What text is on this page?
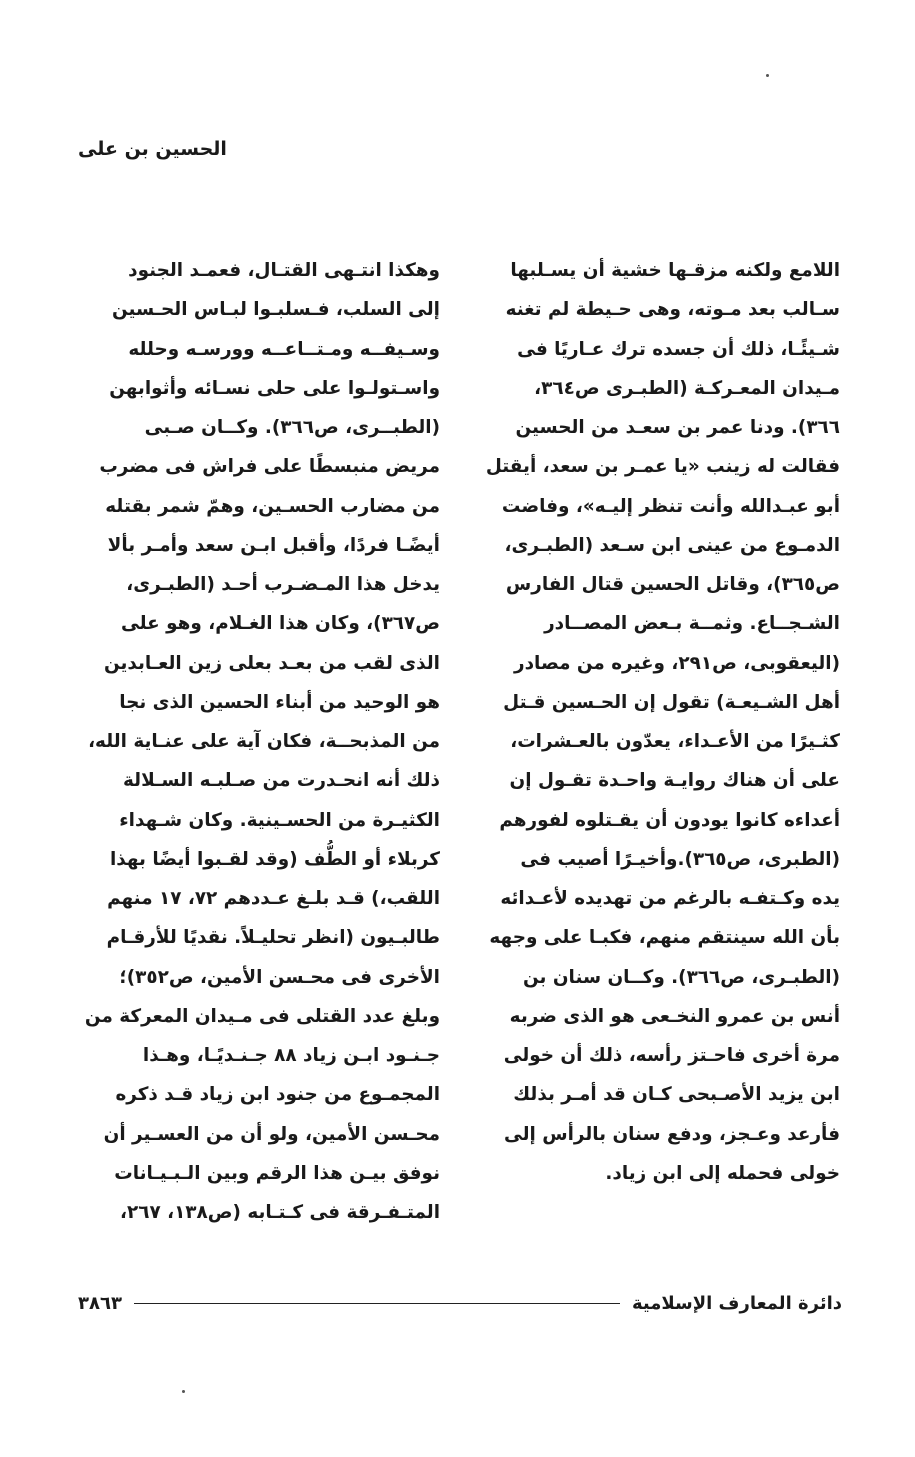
الحسين بن على
اللامع ولكنه مزقـها خشية أن يسـلبها
سـالب بعد مـوته، وهى حـيطة لم تغنه
شـيئًـا، ذلك أن جسده ترك عـاريًا فى
مـيدان المعـركـة (الطبـرى ص٣٦٤،
٣٦٦). ودنا عمر بن سعـد من الحسين
فقالت له زينب «يا عمـر بن سعد، أيقتل
أبو عبـدالله وأنت تنظر إليـه»، وفاضت
الدمـوع من عينى ابن سـعد (الطبـرى،
ص٣٦٥)، وقاتل الحسين قتال الفارس
الشـجــاع. وثمــة بـعض المصــادر
(اليعقوبى، ص٢٩١، وغيره من مصادر
أهل الشـيعـة) تقول إن الحـسين قـتل
كثـيرًا من الأعـداء، يعدّون بالعـشرات،
على أن هناك روايـة واحـدة تقـول إن
أعداءه كانوا يودون أن يقـتلوه لفورهم
(الطبرى، ص٣٦٥).وأخيـرًا أصيب فى
يده وكـتفـه بالرغم من تهديده لأعـدائه
بأن الله سينتقم منهم، فكبـا على وجهه
(الطبـرى، ص٣٦٦). وكــان سنان بن
أنس بن عمرو النخـعى هو الذى ضربه
مرة أخرى فاحـتز رأسه، ذلك أن خولى
ابن يزيد الأصـبحى كـان قد أمـر بذلك
فأرعد وعـجز، ودفع سنان بالرأس إلى
خولى فحمله إلى ابن زياد.
وهكذا انتـهى القتـال، فعمـد الجنود
إلى السلب، فـسلبـوا لبـاس الحـسين
وسـيفــه ومـتــاعــه وورسـه وحلله
واسـتولـوا على حلى نسـائه وأثوابهن
(الطبــرى، ص٣٦٦). وكــان صـبى
مريض منبسطًا على فراش فى مضرب
من مضارب الحسـين، وهمّ شمر بقتله
أيضًـا فردًا، وأقبل ابـن سعد وأمـر بألا
يدخل هذا المـضـرب أحـد (الطبـرى،
ص٣٦٧)، وكان هذا الغـلام، وهو على
الذى لقب من بعـد بعلى زين العـابدين
هو الوحيد من أبناء الحسين الذى نجا
من المذبحــة، فكان آية على عنـاية الله،
ذلك أنه انحـدرت من صـلبـه السـلالة
الكثيـرة من الحسـينية. وكان شـهداء
كربلاء أو الطُّف (وقد لقـبوا أيضًا بهذا
اللقب،) قـد بلـغ عـددهم ٧٢، ١٧ منهم
طالبـيون (انظر تحليـلاً. نقديًا للأرقـام
الأخرى فى محـسن الأمين، ص٣٥٢)؛
وبلغ عدد القتلى فى مـيدان المعركة من
جـنـود ابـن زياد ٨٨ جـنـديًـا، وهـذا
المجمـوع من جنود ابن زياد قـد ذكره
محـسن الأمين، ولو أن من العسـير أن
نوفق بيـن هذا الرقم وبين الـبـيـانات
المتـفـرقة فى كـتـابه (ص١٣٨، ٢٦٧،
دائرة المعارف الإسلامية
٣٨٦٣
